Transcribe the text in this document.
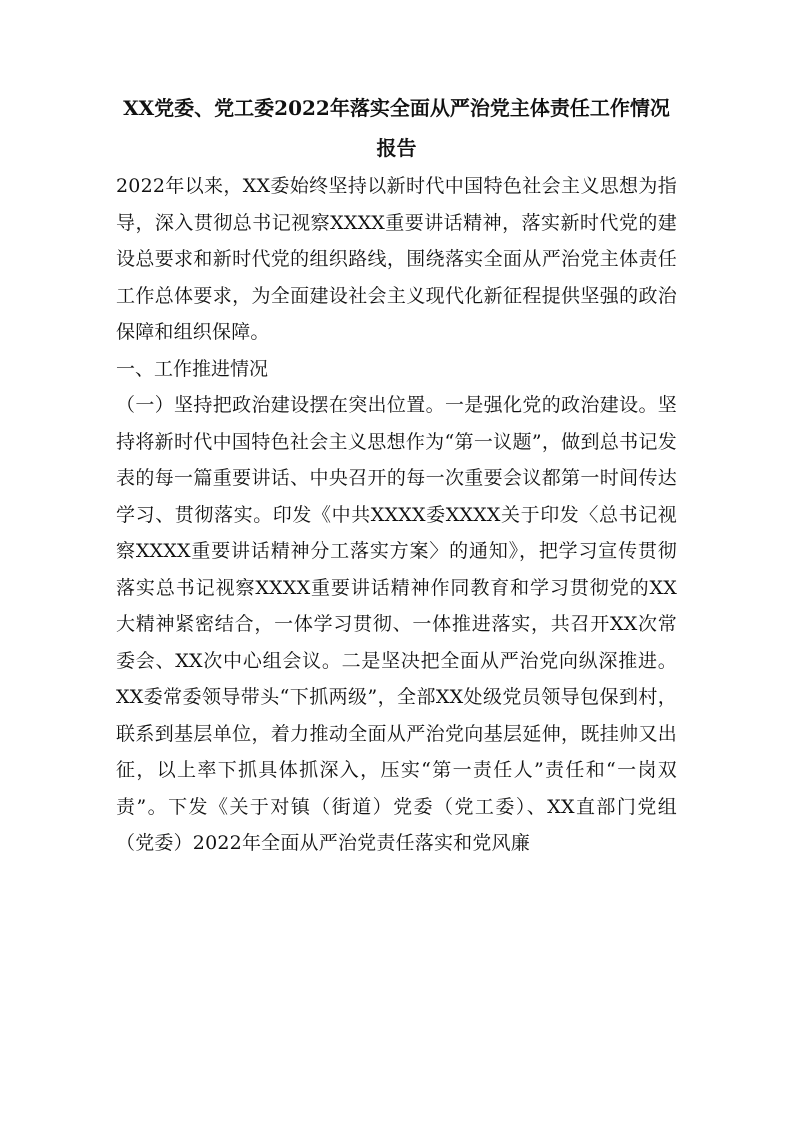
XX党委、党工委2022年落实全面从严治党主体责任工作情况报告

2022年以来，XX委始终坚持以新时代中国特色社会主义思想为指导，深入贯彻总书记视察XXXX重要讲话精神，落实新时代党的建设总要求和新时代党的组织路线，围绕落实全面从严治党主体责任工作总体要求，为全面建设社会主义现代化新征程提供坚强的政治保障和组织保障。

一、工作推进情况

（一）坚持把政治建设摆在突出位置。一是强化党的政治建设。坚持将新时代中国特色社会主义思想作为“第一议题”，做到总书记发表的每一篇重要讲话、中央召开的每一次重要会议都第一时间传达学习、贯彻落实。印发《中共XXXX委XXXX关于印发〈总书记视察XXXX重要讲话精神分工落实方案〉的通知》，把学习宣传贯彻落实总书记视察XXXX重要讲话精神作同教育和学习贯彻党的XX大精神紧密结合，一体学习贯彻、一体推进落实，共召开XX次常委会、XX次中心组会议。二是坚决把全面从严治党向纵深推进。XX委常委领导带头“下抓两级”，全部XX处级党员领导包保到村，联系到基层单位，着力推动全面从严治党向基层延伸，既挂帅又出征，以上率下抓具体抓深入，压实“第一责任人”责任和“一岗双责”。下发《关于对镇（街道）党委（党工委）、XX直部门党组（党委）2022年全面从严治党责任落实和党风廉
